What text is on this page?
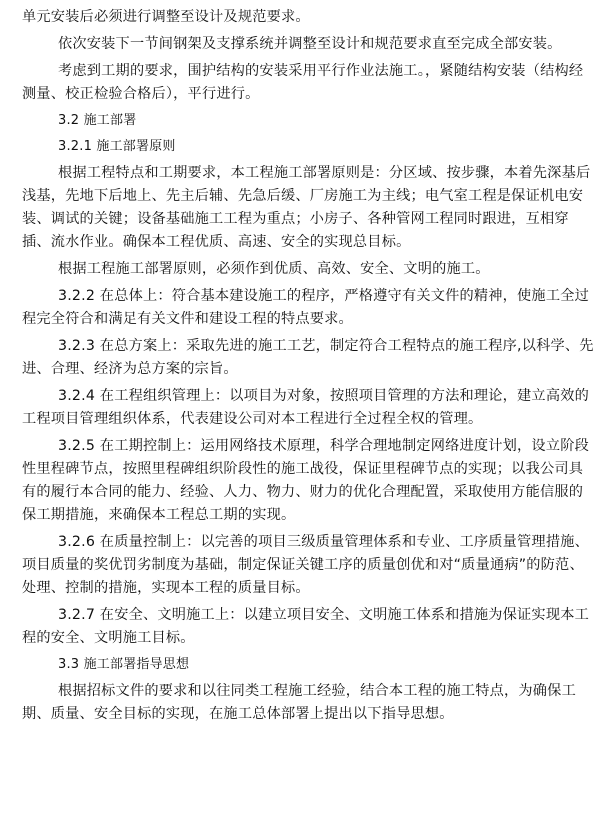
单元安装后必须进行调整至设计及规范要求。

依次安装下一节间钢架及支撑系统并调整至设计和规范要求直至完成全部安装。

考虑到工期的要求，围护结构的安装采用平行作业法施工。，紧随结构安装（结构经测量、校正检验合格后），平行进行。

3.2 施工部署
3.2.1 施工部署原则

根据工程特点和工期要求，本工程施工部署原则是：分区域、按步骤，本着先深基后浅基，先地下后地上、先主后辅、先急后缓、厂房施工为主线；电气室工程是保证机电安装、调试的关键；设备基础施工工程为重点；小房子、各种管网工程同时跟进，互相穿插、流水作业。确保本工程优质、高速、安全的实现总目标。

根据工程施工部署原则，必须作到优质、高效、安全、文明的施工。

3.2.2 在总体上：符合基本建设施工的程序，严格遵守有关文件的精神，使施工全过程完全符合和满足有关文件和建设工程的特点要求。

3.2.3 在总方案上：采取先进的施工工艺，制定符合工程特点的施工程序,以科学、先进、合理、经济为总方案的宗旨。

3.2.4 在工程组织管理上：以项目为对象，按照项目管理的方法和理论，建立高效的工程项目管理组织体系，代表建设公司对本工程进行全过程全权的管理。

3.2.5 在工期控制上：运用网络技术原理，科学合理地制定网络进度计划，设立阶段性里程碑节点，按照里程碑组织阶段性的施工战役，保证里程碑节点的实现；以我公司具有的履行本合同的能力、经验、人力、物力、财力的优化合理配置，采取使用方能信服的保工期措施，来确保本工程总工期的实现。

3.2.6 在质量控制上：以完善的项目三级质量管理体系和专业、工序质量管理措施、项目质量的奖优罚劣制度为基础，制定保证关键工序的质量创优和对“质量通病”的防范、处理、控制的措施，实现本工程的质量目标。

3.2.7 在安全、文明施工上：以建立项目安全、文明施工体系和措施为保证实现本工程的安全、文明施工目标。

3.3 施工部署指导思想

根据招标文件的要求和以往同类工程施工经验，结合本工程的施工特点，为确保工期、质量、安全目标的实现，在施工总体部署上提出以下指导思想。
